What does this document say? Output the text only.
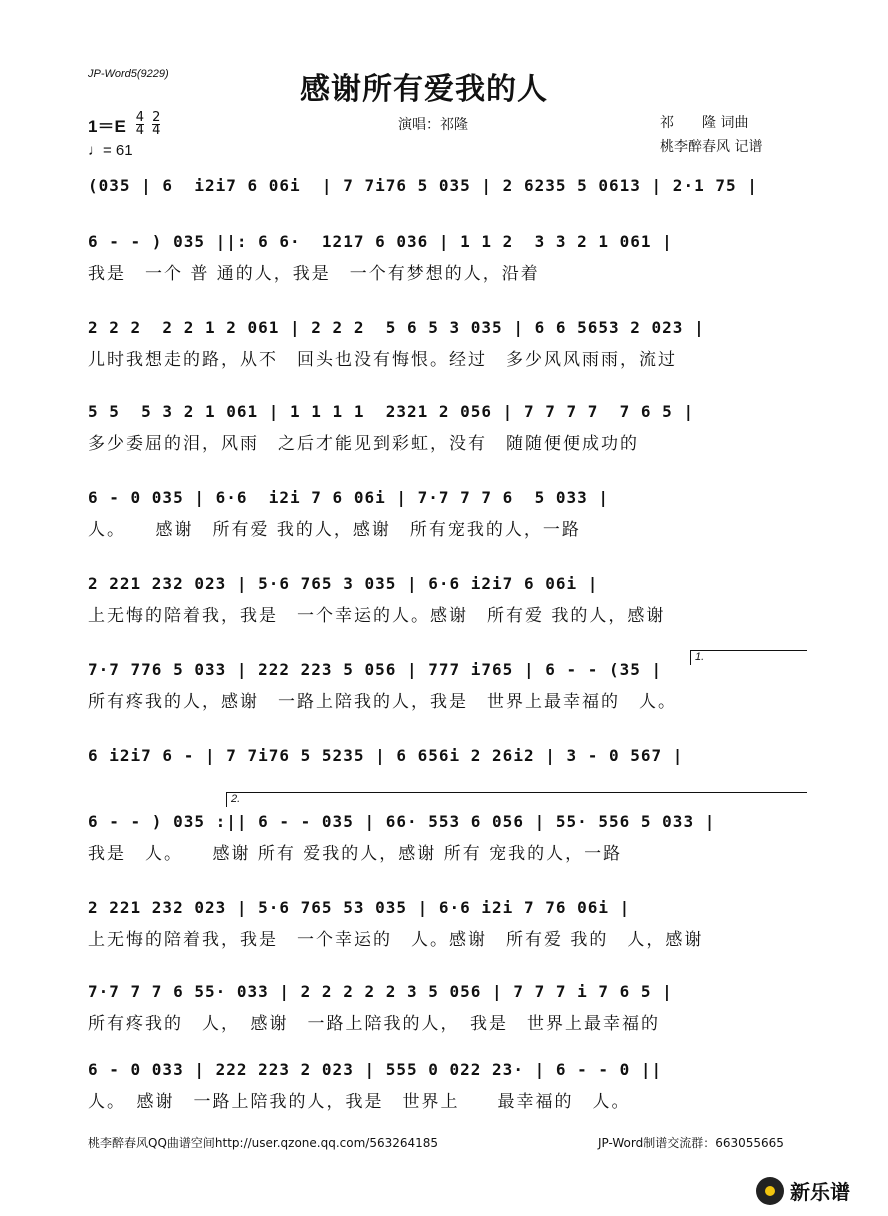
JP-Word5(9229)	感谢所有爱我的人
$1=E \frac{4}{4} \frac{2}{4}$
♩= 61
演唱：祁隆	祁　　隆 词曲
桃李醉春风 记谱
(035 | 6  i2i7 6 06i  | 7 7i76 5 035 | 2 6235 5 0613 | 2·1 75 |
6 - - ) 035 ||: 6 6·  1217 6 036 | 1 1 2  3 3 2 1 061 |
我是　一个 普 通的人，我是　一个有梦想的人，沿着
2 2 2  2 2 1 2 061 | 2 2 2  5 6 5 3 035 | 6 6 5653 2 023 |
儿时我想走的路，从不　回头也没有悔恨。经过　多少风风雨雨，流过
5 5  5 3 2 1 061 | 1 1 1 1  2321 2 056 | 7 7 7 7  7 6 5 |
多少委屈的泪，风雨　之后才能见到彩虹，没有　随随便便成功的
6 - 0 035 | 6·6  i2i 7 6 06i | 7·7 7 7 6  5 033 |
人。　　感谢　所有爱 我的人，感谢　所有宠我的人，一路
2 221 232 023 | 5·6 765 3 035 | 6·6 i2i7 6 06i |
上无悔的陪着我，我是　一个幸运的人。感谢　所有爱 我的人，感谢
7·7 776 5 033 | 222 223 5 056 | 777 i765 | 6 - - (35 |
所有疼我的人，感谢　一路上陪我的人，我是　世界上最幸福的　人。
6 i2i7 6 - | 7 7i76 5 5235 | 6 656i 2 26i2 | 3 - 0 567 |
6 - - ) 035 :|| 6 - - 035 | 66· 553 6 056 | 55· 556 5 033 |
我是　人。　　感谢 所有 爱我的人，感谢 所有 宠我的人，一路
2 221 232 023 | 5·6 765 53 035 | 6·6 i2i 7 76 06i |
上无悔的陪着我，我是　一个幸运的　人。感谢　所有爱 我的　人，感谢
7·7 7 7 6 55· 033 | 2 2 2 2 2 3 5 056 | 7 7 7 i 7 6 5 |
所有疼我的　人，　感谢　一路上陪我的人，　我是　世界上最幸福的
6 - 0 033 | 222 223 2 023 | 555 0 022 23· | 6 - - 0 ||
人。　感谢　一路上陪我的人，我是　世界上　　最幸福的　人。
1.
2.
桃李醉春风QQ曲谱空间http://user.qzone.qq.com/563264185	JP-Word制谱交流群：663055665
新乐谱
